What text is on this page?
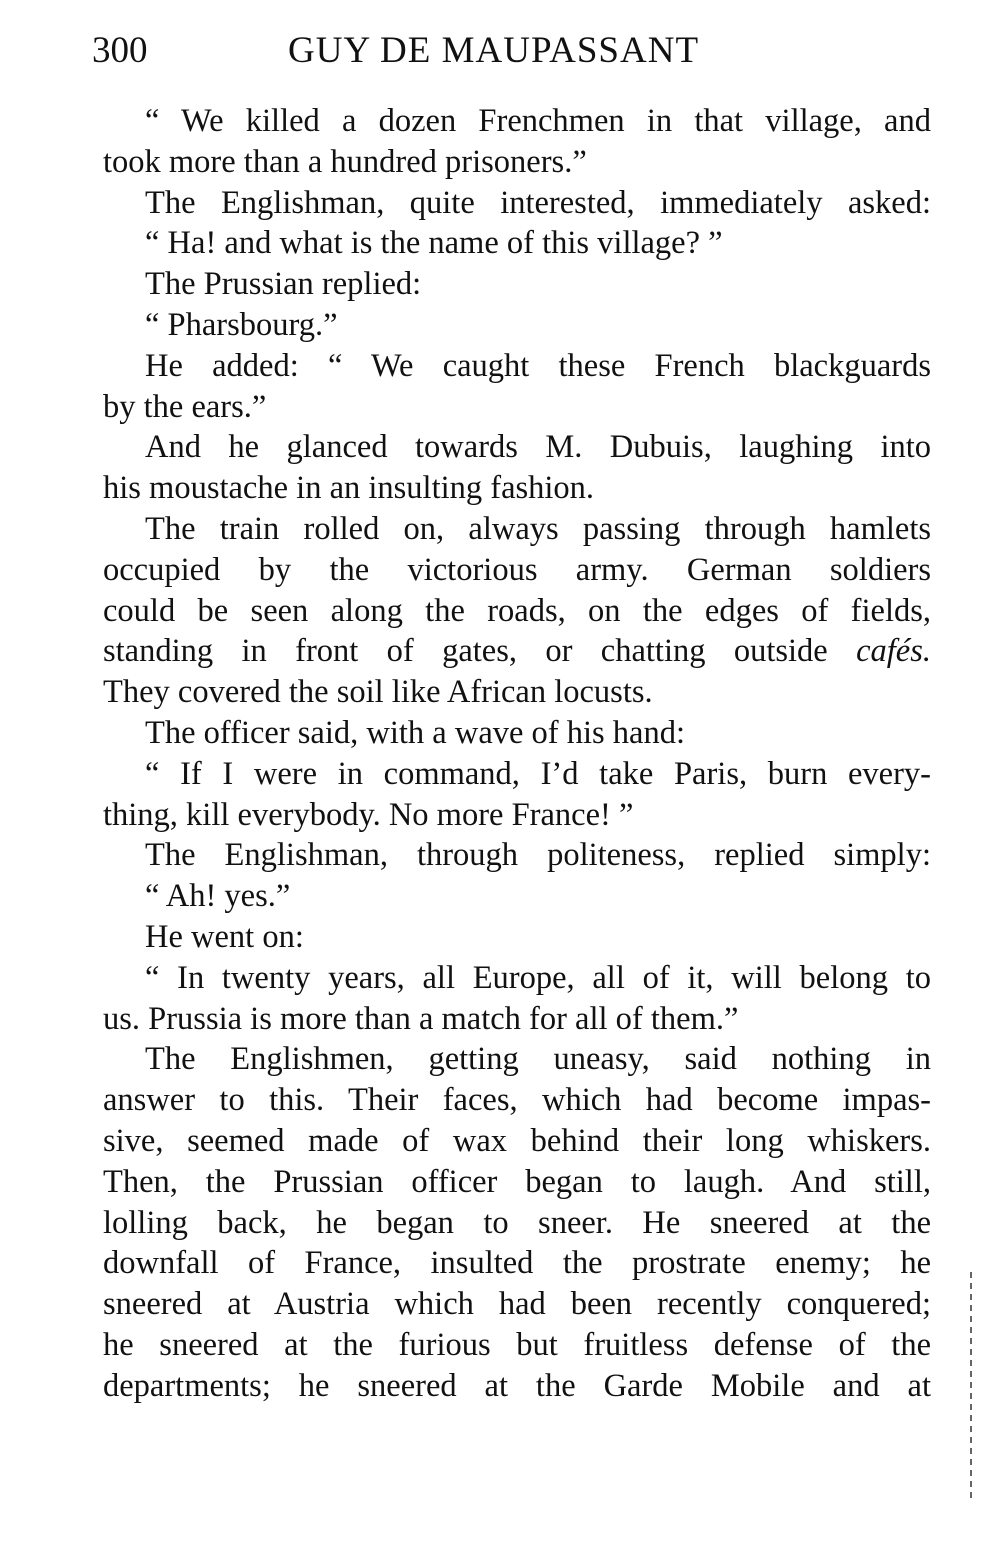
300	GUY DE MAUPASSANT
“ We killed a dozen Frenchmen in that village, and
took more than a hundred prisoners.”
The Englishman, quite interested, immediately asked:
“ Ha! and what is the name of this village? ”
The Prussian replied:
“ Pharsbourg.”
He added: “ We caught these French blackguards
by the ears.”
And he glanced towards M. Dubuis, laughing into
his moustache in an insulting fashion.
The train rolled on, always passing through hamlets
occupied by the victorious army. German soldiers
could be seen along the roads, on the edges of fields,
standing in front of gates, or chatting outside cafés.
They covered the soil like African locusts.
The officer said, with a wave of his hand:
“ If I were in command, I’d take Paris, burn every-
thing, kill everybody. No more France! ”
The Englishman, through politeness, replied simply:
“ Ah! yes.”
He went on:
“ In twenty years, all Europe, all of it, will belong to
us. Prussia is more than a match for all of them.”
The Englishmen, getting uneasy, said nothing in
answer to this. Their faces, which had become impas-
sive, seemed made of wax behind their long whiskers.
Then, the Prussian officer began to laugh. And still,
lolling back, he began to sneer. He sneered at the
downfall of France, insulted the prostrate enemy; he
sneered at Austria which had been recently conquered;
he sneered at the furious but fruitless defense of the
departments; he sneered at the Garde Mobile and at
